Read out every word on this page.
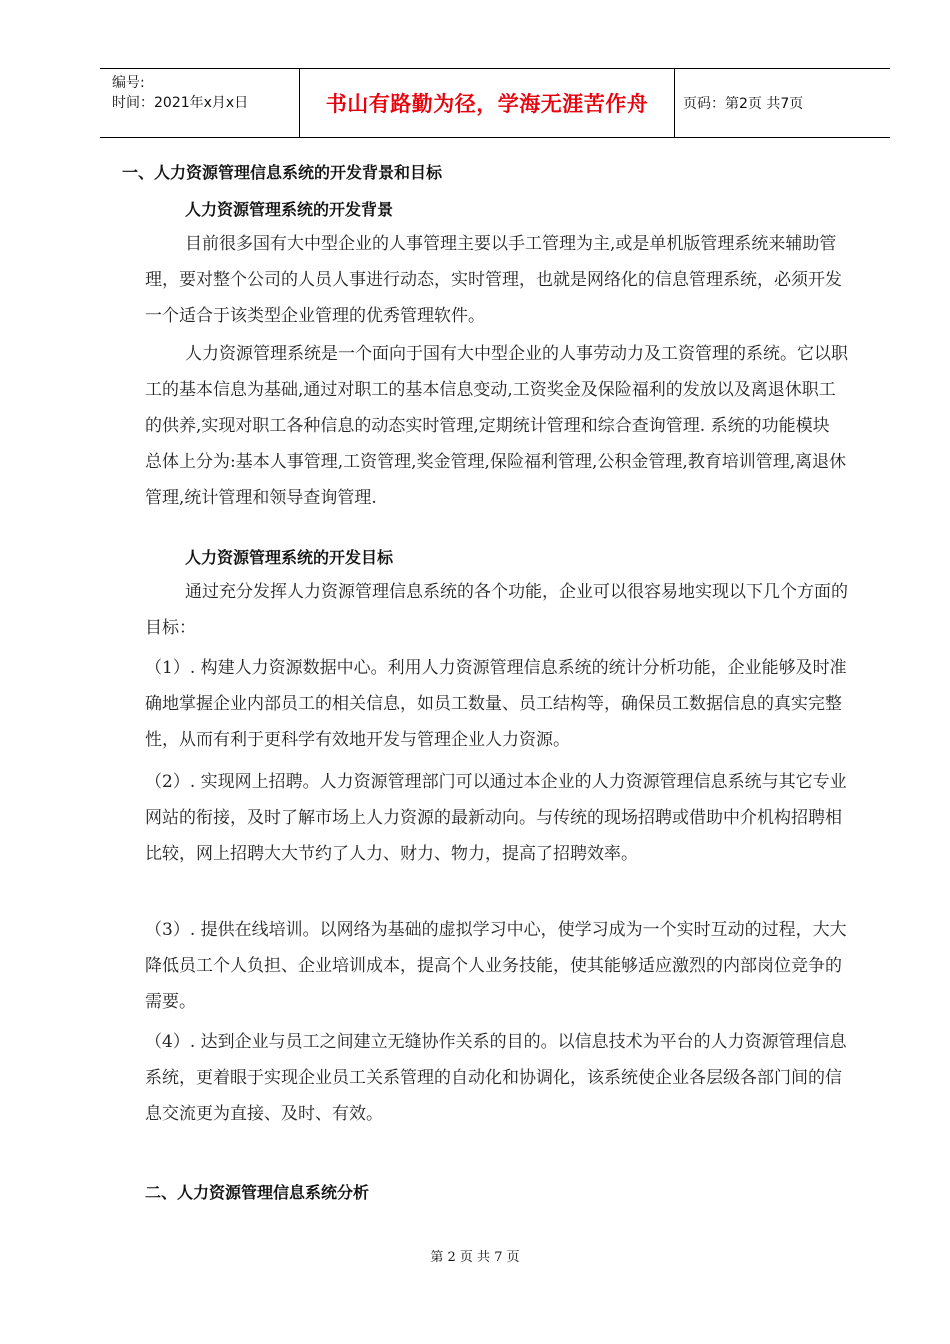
编号:
时间：2021年x月x日	书山有路勤为径，学海无涯苦作舟	页码：第2页 共7页
一、人力资源管理信息系统的开发背景和目标
人力资源管理系统的开发背景

目前很多国有大中型企业的人事管理主要以手工管理为主,或是单机版管理系统来辅助管理，要对整个公司的人员人事进行动态，实时管理，也就是网络化的信息管理系统，必须开发一个适合于该类型企业管理的优秀管理软件。

人力资源管理系统是一个面向于国有大中型企业的人事劳动力及工资管理的系统。它以职工的基本信息为基础,通过对职工的基本信息变动,工资奖金及保险福利的发放以及离退休职工的供养,实现对职工各种信息的动态实时管理,定期统计管理和综合查询管理. 系统的功能模块 总体上分为:基本人事管理,工资管理,奖金管理,保险福利管理,公积金管理,教育培训管理,离退休管理,统计管理和领导查询管理.

人力资源管理系统的开发目标

通过充分发挥人力资源管理信息系统的各个功能，企业可以很容易地实现以下几个方面的目标：

（1）. 构建人力资源数据中心。利用人力资源管理信息系统的统计分析功能，企业能够及时准确地掌握企业内部员工的相关信息，如员工数量、员工结构等，确保员工数据信息的真实完整性，从而有利于更科学有效地开发与管理企业人力资源。

（2）. 实现网上招聘。人力资源管理部门可以通过本企业的人力资源管理信息系统与其它专业网站的衔接，及时了解市场上人力资源的最新动向。与传统的现场招聘或借助中介机构招聘相比较，网上招聘大大节约了人力、财力、物力，提高了招聘效率。

（3）. 提供在线培训。以网络为基础的虚拟学习中心，使学习成为一个实时互动的过程，大大降低员工个人负担、企业培训成本，提高个人业务技能，使其能够适应激烈的内部岗位竞争的需要。

（4）. 达到企业与员工之间建立无缝协作关系的目的。以信息技术为平台的人力资源管理信息系统，更着眼于实现企业员工关系管理的自动化和协调化，该系统使企业各层级各部门间的信息交流更为直接、及时、有效。

二、人力资源管理信息系统分析
第 2 页 共 7 页
